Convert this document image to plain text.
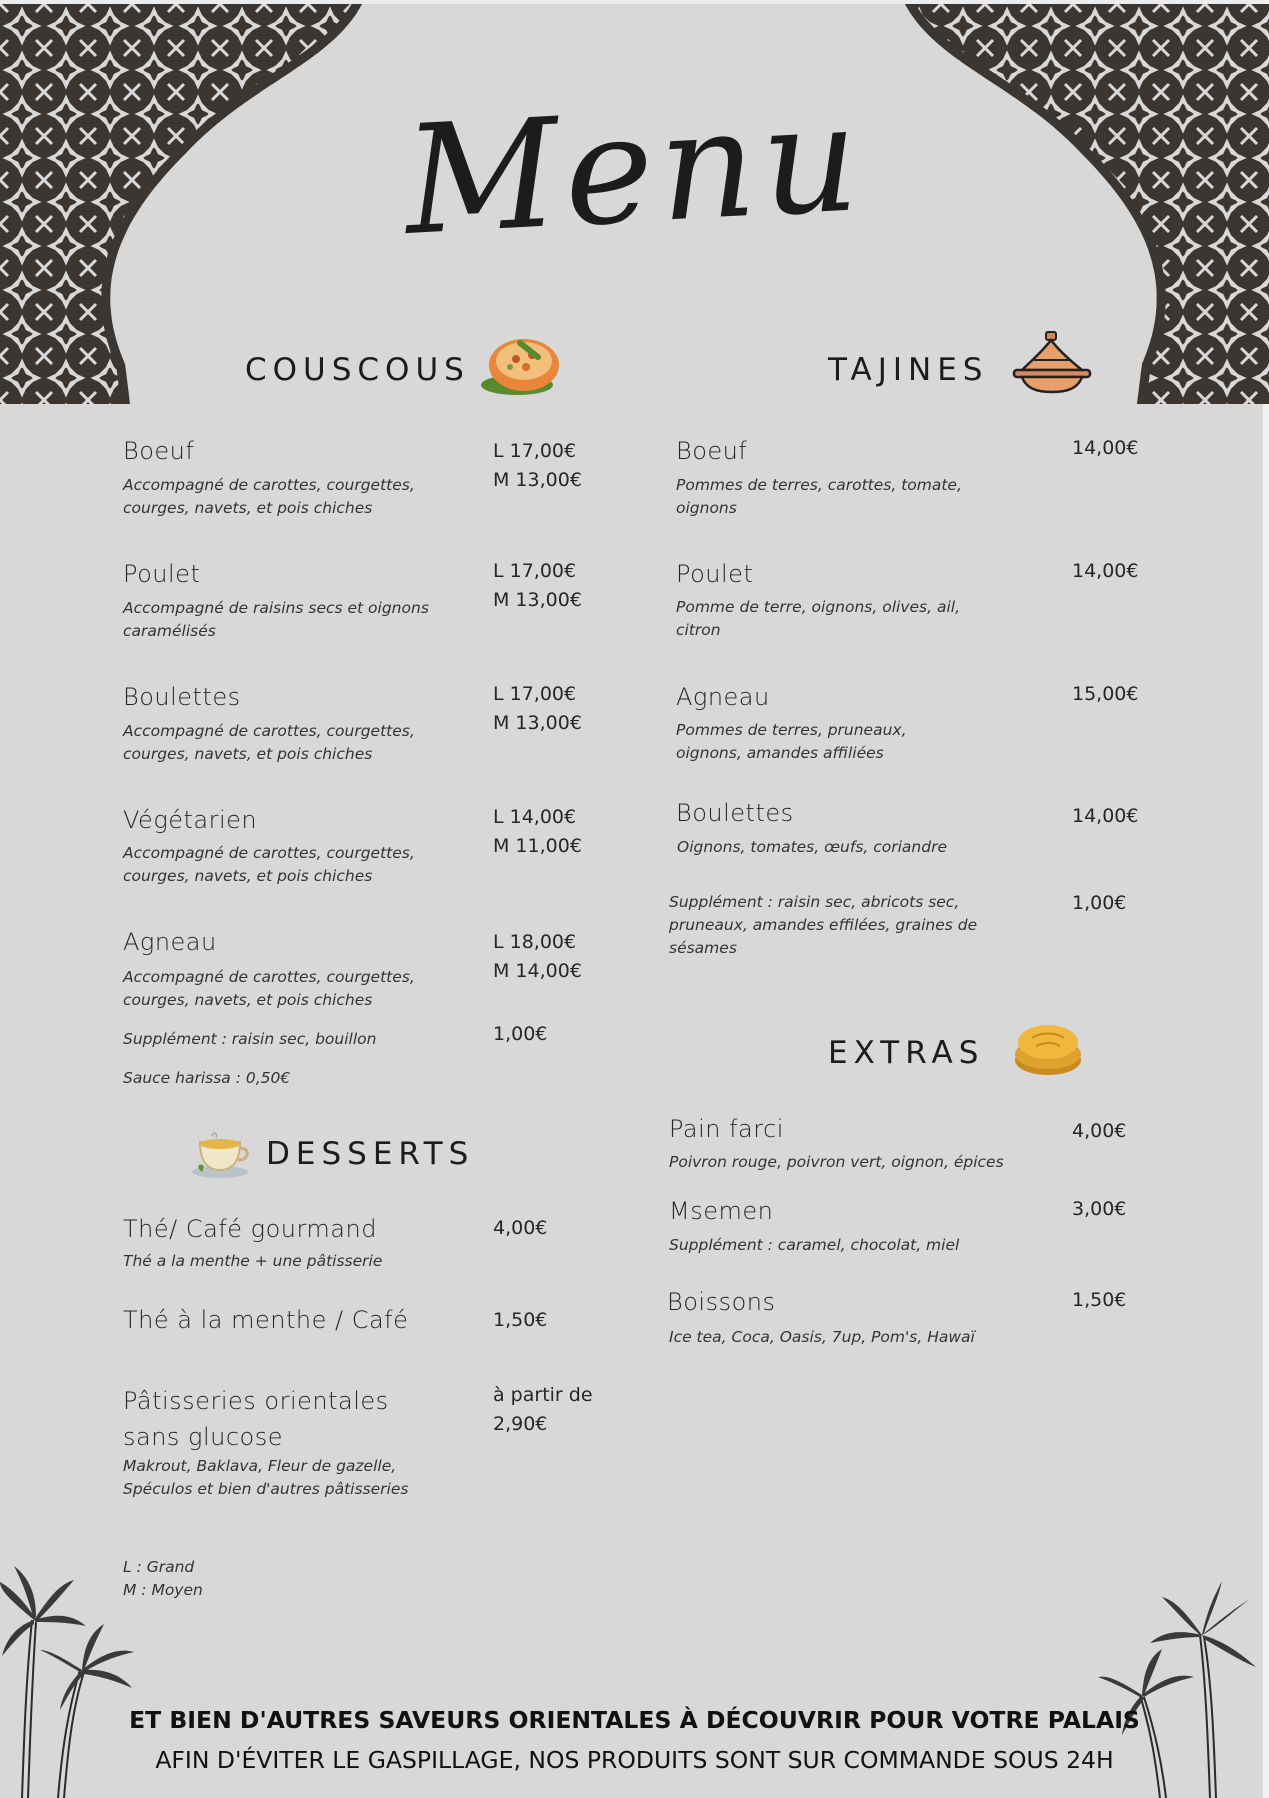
Menu
COUSCOUS
Boeuf
Accompagné de carottes, courgettes, courges, navets, et pois chiches
L 17,00€
M 13,00€
Poulet
Accompagné de raisins secs et oignons caramélisés
L 17,00€
M 13,00€
Boulettes
Accompagné de carottes, courgettes, courges, navets, et pois chiches
L 17,00€
M 13,00€
Végétarien
Accompagné de carottes, courgettes, courges, navets, et pois chiches
L 14,00€
M 11,00€
Agneau
Accompagné de carottes, courgettes, courges, navets, et pois chiches
L 18,00€
M 14,00€
Supplément : raisin sec, bouillon	1,00€
Sauce harissa : 0,50€
DESSERTS
Thé/ Café gourmand
Thé a la menthe + une pâtisserie
4,00€
Thé à la menthe / Café	1,50€
Pâtisseries orientales sans glucose
Makrout, Baklava, Fleur de gazelle, Spéculos et bien d'autres pâtisseries
à partir de 2,90€
L : Grand
M : Moyen
TAJINES
Boeuf
Pommes de terres, carottes, tomate, oignons
14,00€
Poulet
Pomme de terre, oignons, olives, ail, citron
14,00€
Agneau
Pommes de terres, pruneaux, oignons, amandes affiliées
15,00€
Boulettes
Oignons, tomates, œufs, coriandre
14,00€
Supplément : raisin sec, abricots sec, pruneaux, amandes effilées, graines de sésames
1,00€
EXTRAS
Pain farci
Poivron rouge, poivron vert, oignon, épices
4,00€
Msemen
Supplément : caramel, chocolat, miel
3,00€
Boissons
Ice tea, Coca, Oasis, 7up, Pom's, Hawaï
1,50€
ET BIEN D'AUTRES SAVEURS ORIENTALES À DÉCOUVRIR POUR VOTRE PALAIS
AFIN D'ÉVITER LE GASPILLAGE, NOS PRODUITS SONT SUR COMMANDE SOUS 24H
